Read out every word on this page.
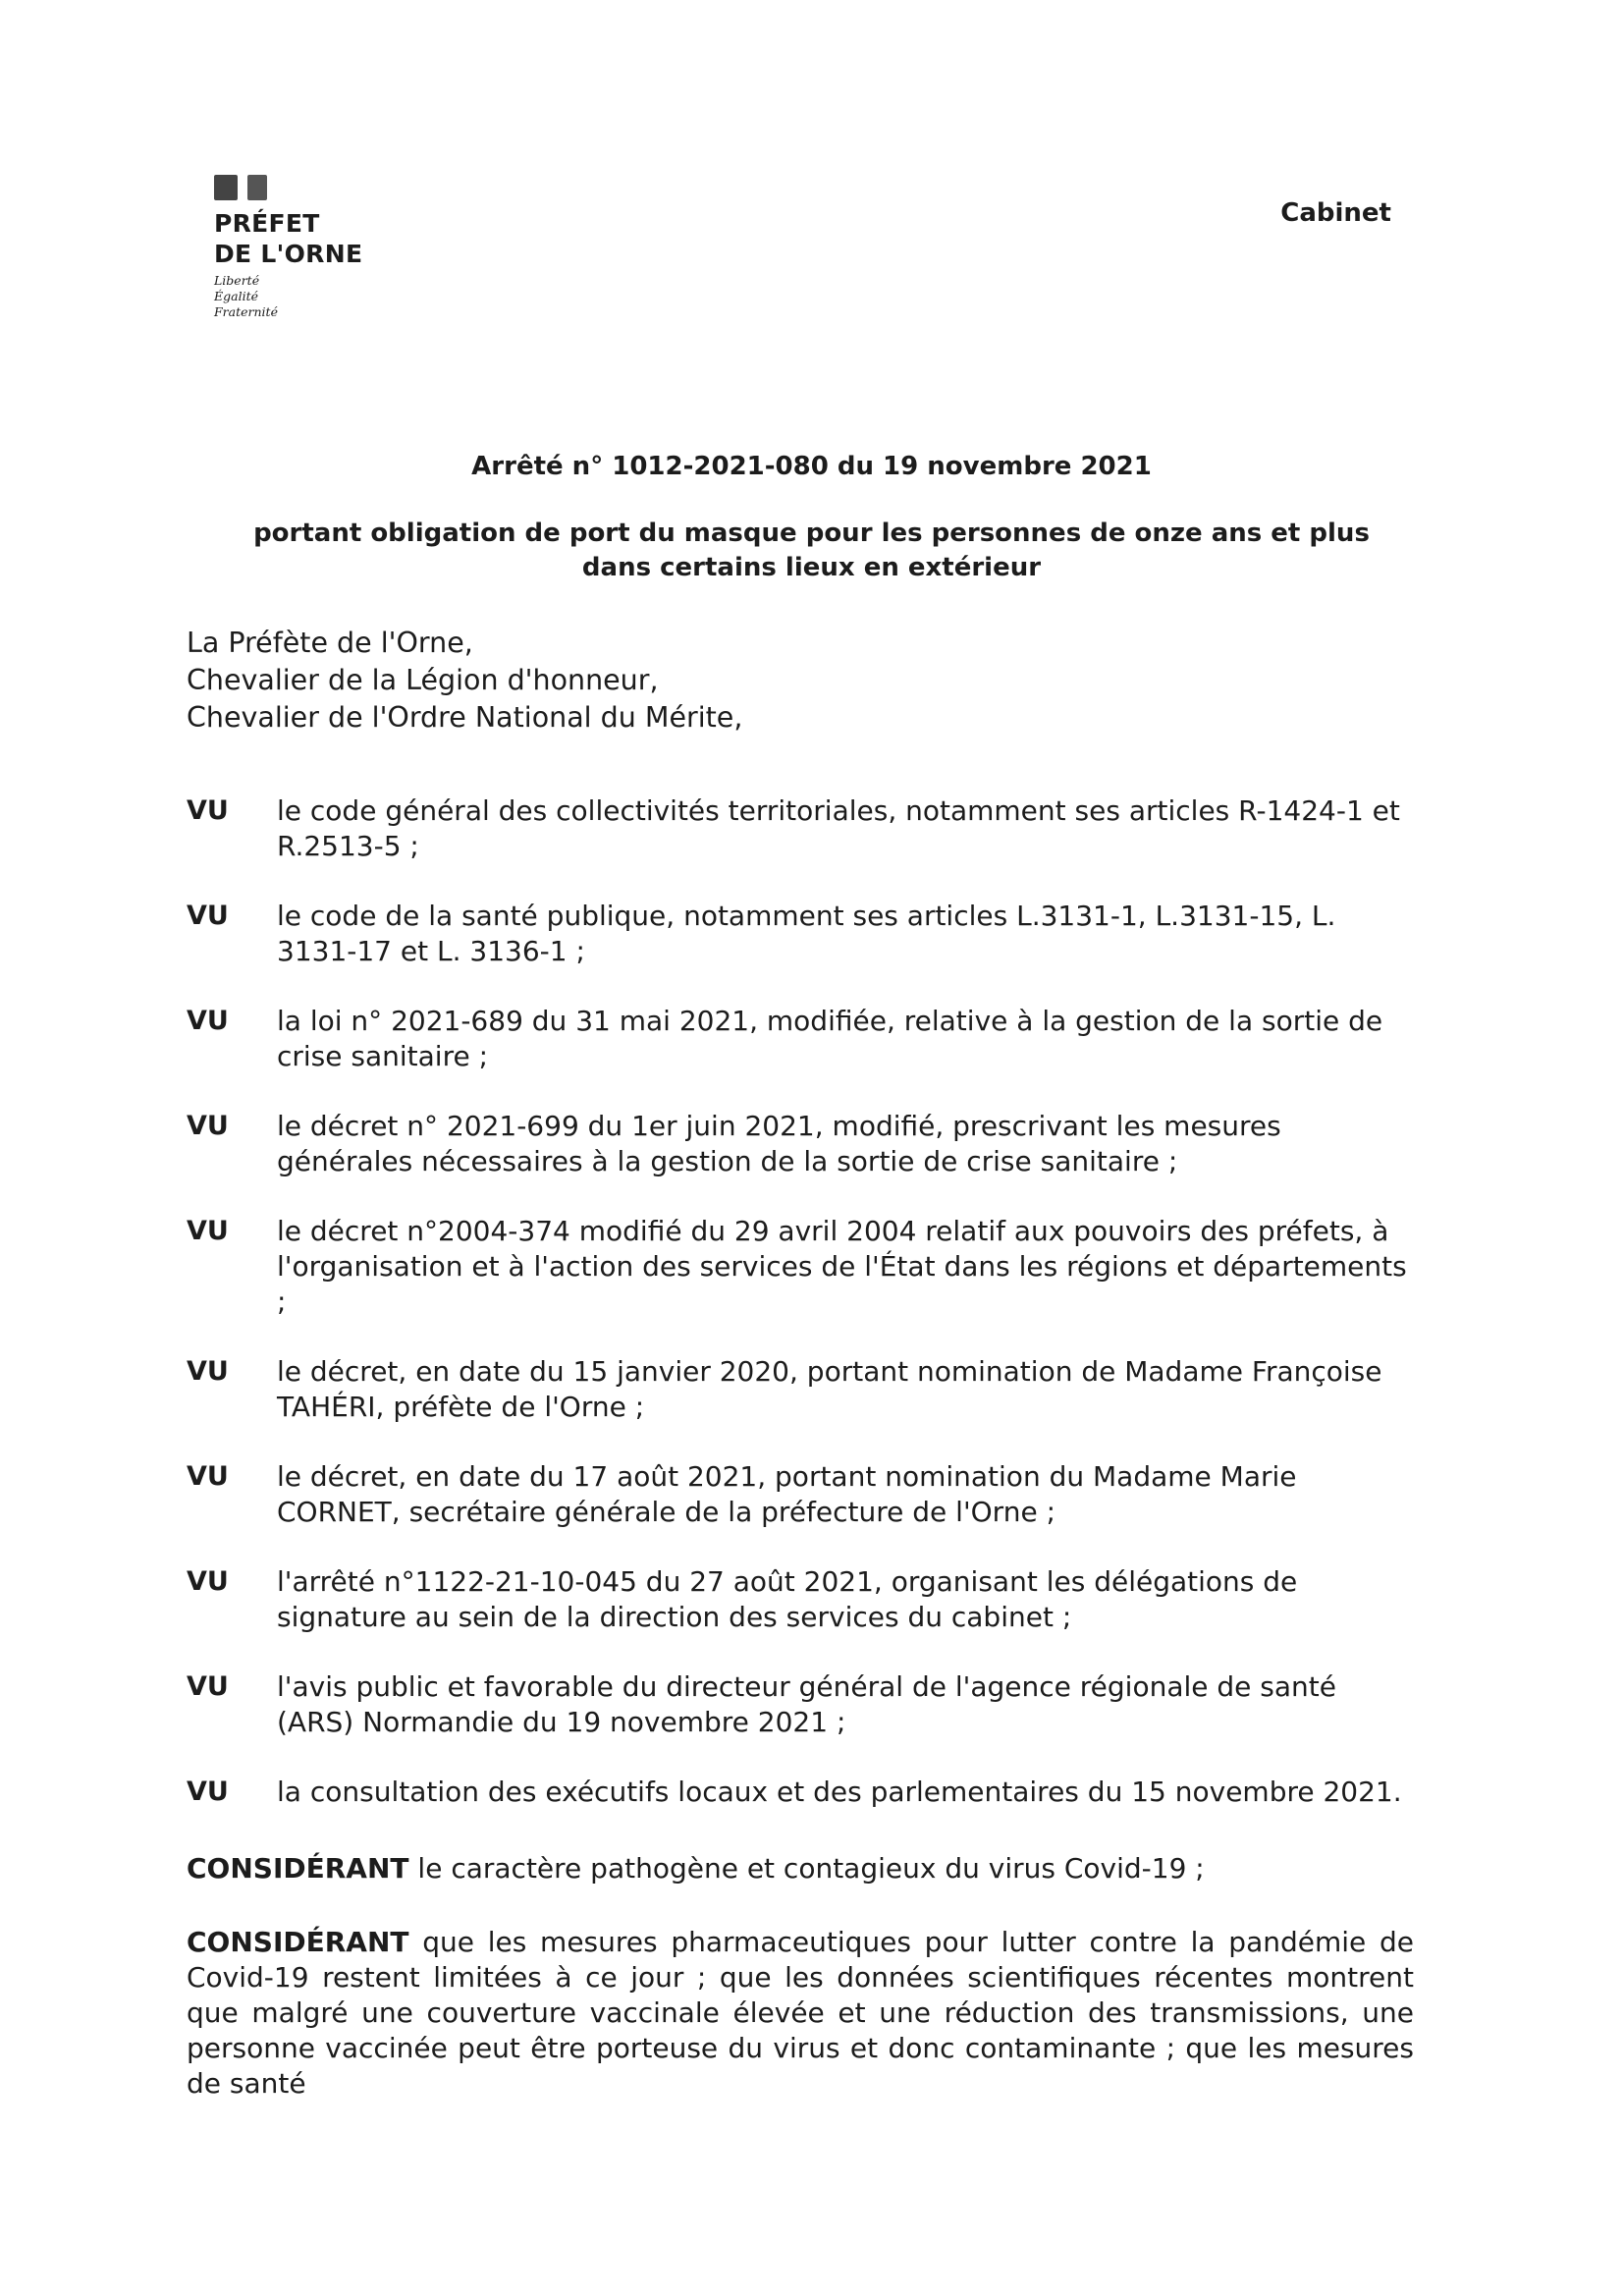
PRÉFET
DE L'ORNE
Liberté
Égalité
Fraternité
Cabinet
Arrêté n° 1012-2021-080 du 19 novembre 2021
portant obligation de port du masque pour les personnes de onze ans et plus
dans certains lieux en extérieur
La Préfète de l'Orne,
Chevalier de la Légion d'honneur,
Chevalier de l'Ordre National du Mérite,
VU	le code général des collectivités territoriales, notamment ses articles R-1424-1 et R.2513-5 ;
VU	le code de la santé publique, notamment ses articles L.3131-1, L.3131-15, L. 3131-17 et L. 3136-1 ;
VU	la loi n° 2021-689 du 31 mai 2021, modifiée, relative à la gestion de la sortie de crise sanitaire ;
VU	le décret n° 2021-699 du 1er juin 2021, modifié, prescrivant les mesures générales nécessaires à la gestion de la sortie de crise sanitaire ;
VU	le décret n°2004-374 modifié du 29 avril 2004 relatif aux pouvoirs des préfets, à l'organisation et à l'action des services de l'État dans les régions et départements ;
VU	le décret, en date du 15 janvier 2020, portant nomination de Madame Françoise TAHÉRI, préfète de l'Orne ;
VU	le décret, en date du 17 août 2021, portant nomination du Madame Marie CORNET, secrétaire générale de la préfecture de l'Orne ;
VU	l'arrêté n°1122-21-10-045 du 27 août 2021, organisant les délégations de signature au sein de la direction des services du cabinet ;
VU	l'avis public et favorable du directeur général de l'agence régionale de santé (ARS) Normandie du 19 novembre 2021 ;
VU	la consultation des exécutifs locaux et des parlementaires du 15 novembre 2021.
CONSIDÉRANT le caractère pathogène et contagieux du virus Covid-19 ;
CONSIDÉRANT que les mesures pharmaceutiques pour lutter contre la pandémie de Covid-19 restent limitées à ce jour ; que les données scientifiques récentes montrent que malgré une couverture vaccinale élevée et une réduction des transmissions, une personne vaccinée peut être porteuse du virus et donc contaminante ; que les mesures de santé
